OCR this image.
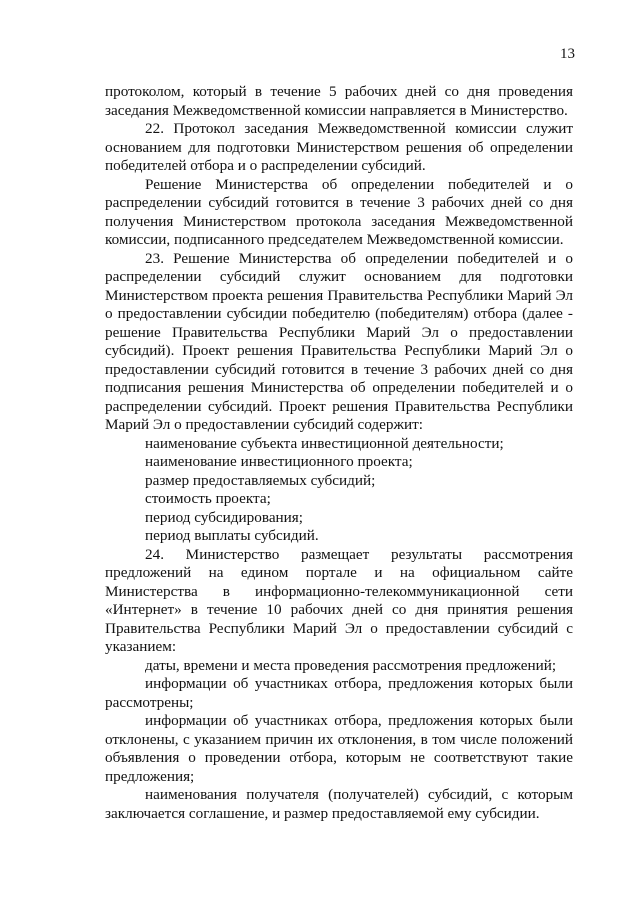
13

протоколом, который в течение 5 рабочих дней со дня проведения заседания Межведомственной комиссии направляется в Министерство.

22. Протокол заседания Межведомственной комиссии служит основанием для подготовки Министерством решения об определении победителей отбора и о распределении субсидий.

Решение Министерства об определении победителей и о распределении субсидий готовится в течение 3 рабочих дней со дня получения Министерством протокола заседания Межведомственной комиссии, подписанного председателем Межведомственной комиссии.

23. Решение Министерства об определении победителей и о распределении субсидий служит основанием для подготовки Министерством проекта решения Правительства Республики Марий Эл о предоставлении субсидии победителю (победителям) отбора (далее - решение Правительства Республики Марий Эл о предоставлении субсидий). Проект решения Правительства Республики Марий Эл о предоставлении субсидий готовится в течение 3 рабочих дней со дня подписания решения Министерства об определении победителей и о распределении субсидий. Проект решения Правительства Республики Марий Эл о предоставлении субсидий содержит:

наименование субъекта инвестиционной деятельности;

наименование инвестиционного проекта;

размер предоставляемых субсидий;

стоимость проекта;

период субсидирования;

период выплаты субсидий.

24. Министерство размещает результаты рассмотрения предложений на едином портале и на официальном сайте Министерства в информационно-телекоммуникационной сети «Интернет» в течение 10 рабочих дней со дня принятия решения Правительства Республики Марий Эл о предоставлении субсидий с указанием:

даты, времени и места проведения рассмотрения предложений;

информации об участниках отбора, предложения которых были рассмотрены;

информации об участниках отбора, предложения которых были отклонены, с указанием причин их отклонения, в том числе положений объявления о проведении отбора, которым не соответствуют такие предложения;

наименования получателя (получателей) субсидий, с которым заключается соглашение, и размер предоставляемой ему субсидии.
